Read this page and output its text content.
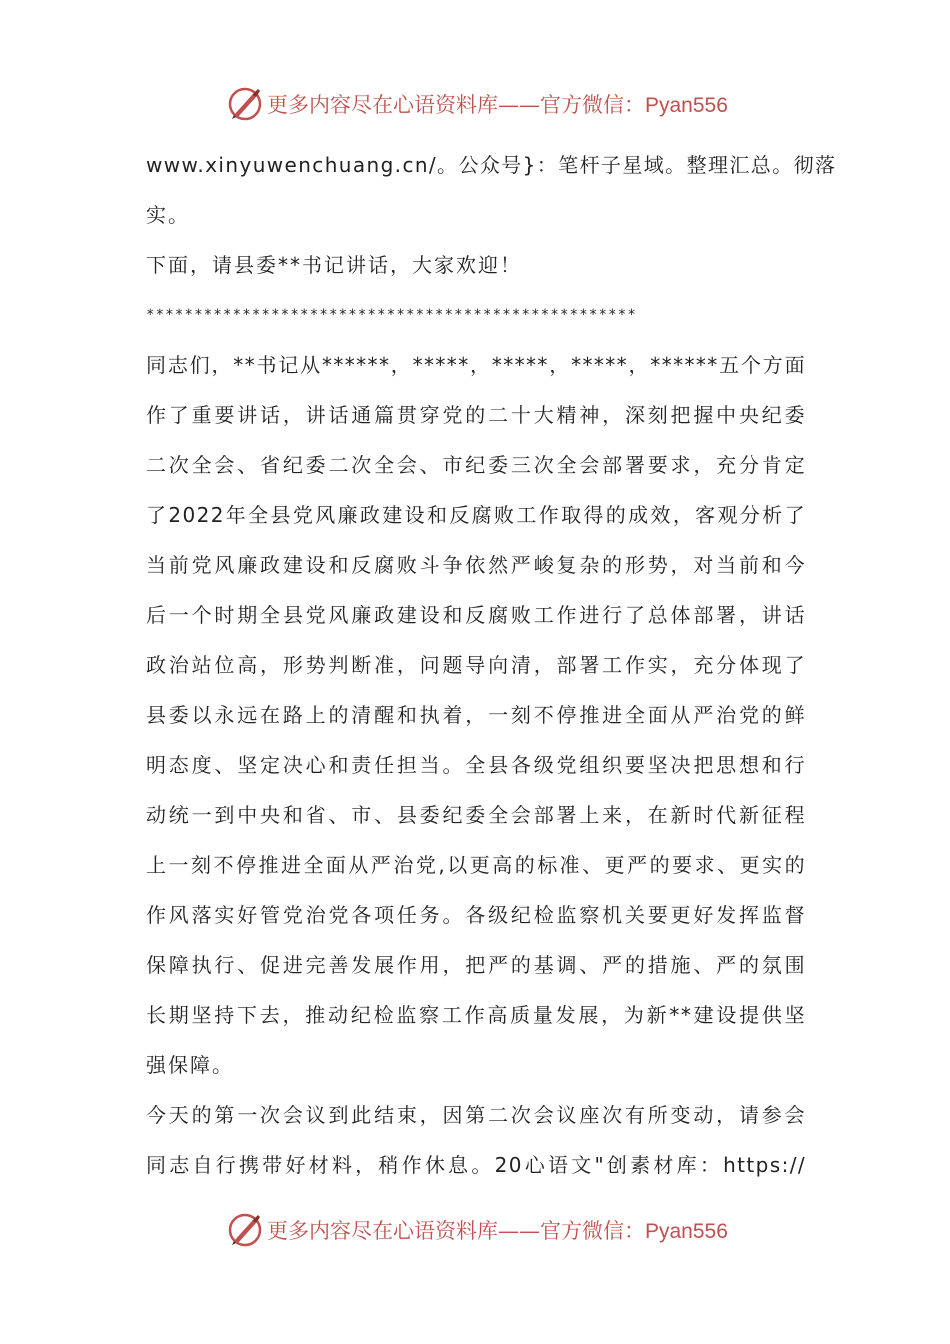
更多内容尽在心语资料库——官方微信：Pyan556
www.xinyuwenchuang.cn/。公众号}：笔杆子星域。整理汇总。彻落
实。
下面，请县委**书记讲话，大家欢迎！
***************************************************
同志们，**书记从******，*****，*****，*****，******五个方面
作了重要讲话，讲话通篇贯穿党的二十大精神，深刻把握中央纪委
二次全会、省纪委二次全会、市纪委三次全会部署要求，充分肯定
了2022年全县党风廉政建设和反腐败工作取得的成效，客观分析了
当前党风廉政建设和反腐败斗争依然严峻复杂的形势，对当前和今
后一个时期全县党风廉政建设和反腐败工作进行了总体部署，讲话
政治站位高，形势判断准，问题导向清，部署工作实，充分体现了
县委以永远在路上的清醒和执着，一刻不停推进全面从严治党的鲜
明态度、坚定决心和责任担当。全县各级党组织要坚决把思想和行
动统一到中央和省、市、县委纪委全会部署上来，在新时代新征程
上一刻不停推进全面从严治党,以更高的标准、更严的要求、更实的
作风落实好管党治党各项任务。各级纪检监察机关要更好发挥监督
保障执行、促进完善发展作用，把严的基调、严的措施、严的氛围
长期坚持下去，推动纪检监察工作高质量发展，为新**建设提供坚
强保障。
今天的第一次会议到此结束，因第二次会议座次有所变动，请参会
同志自行携带好材料，稍作休息。20心语文"创素材库：https://
更多内容尽在心语资料库——官方微信：Pyan556
